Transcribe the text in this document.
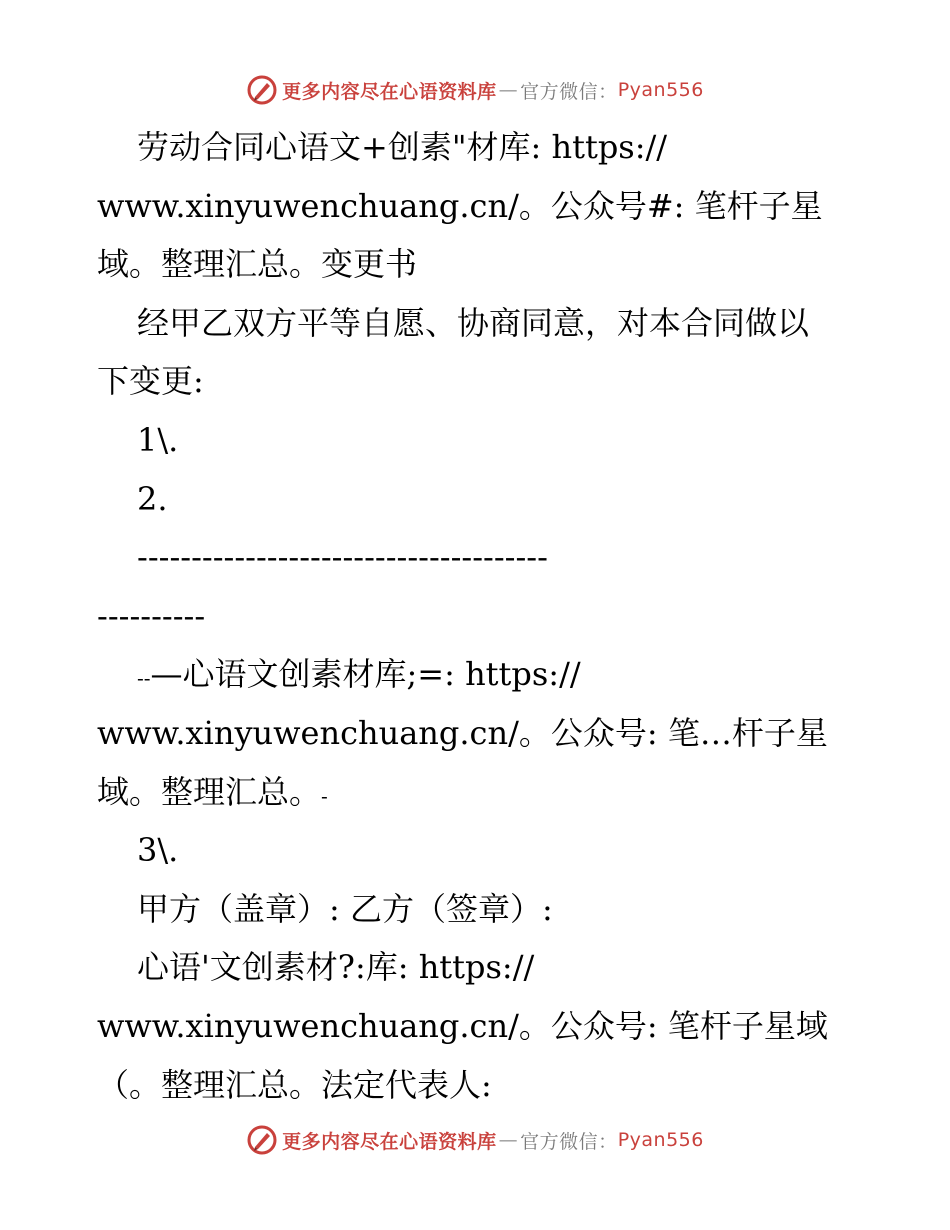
更多内容尽在心语资料库 — 官方微信： Pyan556
劳动合同心语文+创素"材库: https://
www.xinyuwenchuang.cn/。公众号#: 笔杆子星
域。整理汇总。变更书
经甲乙双方平等自愿、协商同意，对本合同做以
下变更:
1\.
2.
--------------------------------------
----------
--—心语文创素材库;=: https://
www.xinyuwenchuang.cn/。公众号: 笔…杆子星
域。整理汇总。-
3\.
甲方（盖章）: 乙方（签章）:
心语'文创素材?:库: https://
www.xinyuwenchuang.cn/。公众号: 笔杆子星域
（。整理汇总。法定代表人:
更多内容尽在心语资料库 — 官方微信： Pyan556
